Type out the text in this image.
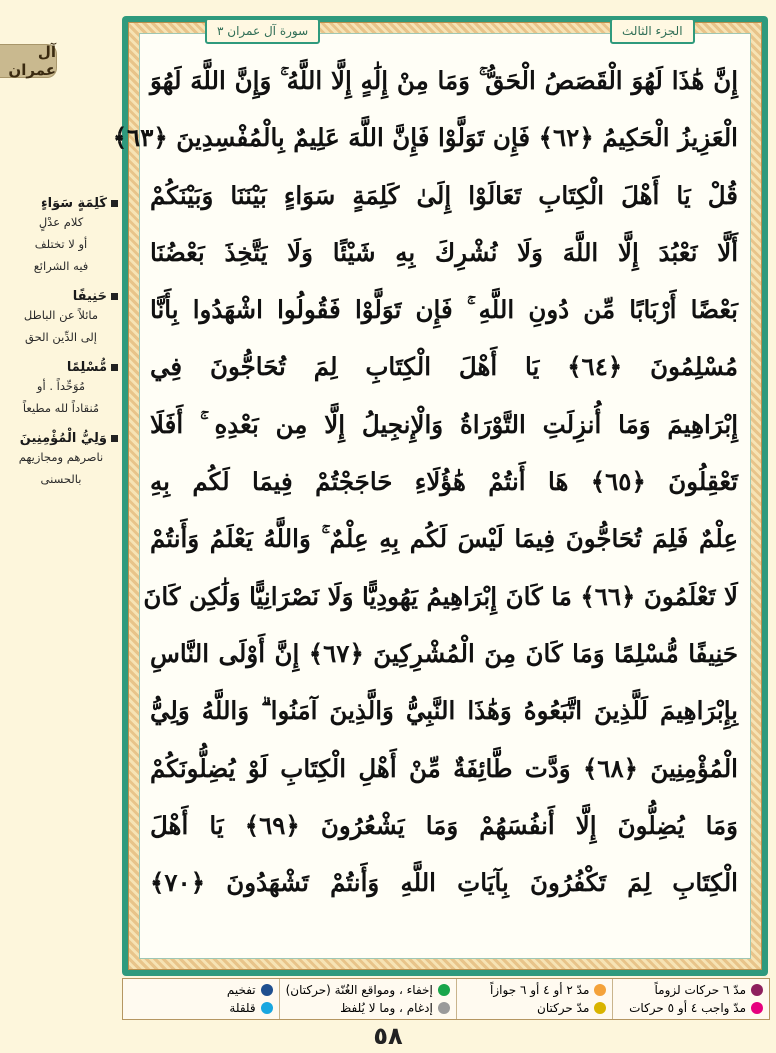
آل عمران
كَلِمَةٍ سَوَاءٍ
كلام عدْلٍ
أو لا تختلف
فيه الشرائع
حَنِيفًا
مائلاً عن الباطل
إلى الدِّين الحق
مُّسْلِمًا
مُوَحِّداً . أو
مُنقاداً لله مطيعاً
وَلِيُّ الْمُؤْمِنِينَ
ناصرهم ومجازيهم
بالحسنى
الجزء الثالث
سورة آل عمران ٣
إِنَّ هَٰذَا لَهُوَ الْقَصَصُ الْحَقُّ ۚ وَمَا مِنْ إِلَٰهٍ إِلَّا اللَّهُ ۚ وَإِنَّ اللَّهَ لَهُوَ
الْعَزِيزُ الْحَكِيمُ ﴿٦٢﴾ فَإِن تَوَلَّوْا فَإِنَّ اللَّهَ عَلِيمٌ بِالْمُفْسِدِينَ ﴿٦٣﴾
قُلْ يَا أَهْلَ الْكِتَابِ تَعَالَوْا إِلَىٰ كَلِمَةٍ سَوَاءٍ بَيْنَنَا وَبَيْنَكُمْ
أَلَّا نَعْبُدَ إِلَّا اللَّهَ وَلَا نُشْرِكَ بِهِ شَيْئًا وَلَا يَتَّخِذَ بَعْضُنَا
بَعْضًا أَرْبَابًا مِّن دُونِ اللَّهِ ۚ فَإِن تَوَلَّوْا فَقُولُوا اشْهَدُوا بِأَنَّا
مُسْلِمُونَ ﴿٦٤﴾ يَا أَهْلَ الْكِتَابِ لِمَ تُحَاجُّونَ فِي
إِبْرَاهِيمَ وَمَا أُنزِلَتِ التَّوْرَاةُ وَالْإِنجِيلُ إِلَّا مِن بَعْدِهِ ۚ أَفَلَا
تَعْقِلُونَ ﴿٦٥﴾ هَا أَنتُمْ هَٰؤُلَاءِ حَاجَجْتُمْ فِيمَا لَكُم بِهِ
عِلْمٌ فَلِمَ تُحَاجُّونَ فِيمَا لَيْسَ لَكُم بِهِ عِلْمٌ ۚ وَاللَّهُ يَعْلَمُ وَأَنتُمْ
لَا تَعْلَمُونَ ﴿٦٦﴾ مَا كَانَ إِبْرَاهِيمُ يَهُودِيًّا وَلَا نَصْرَانِيًّا وَلَٰكِن كَانَ
حَنِيفًا مُّسْلِمًا وَمَا كَانَ مِنَ الْمُشْرِكِينَ ﴿٦٧﴾ إِنَّ أَوْلَى النَّاسِ
بِإِبْرَاهِيمَ لَلَّذِينَ اتَّبَعُوهُ وَهَٰذَا النَّبِيُّ وَالَّذِينَ آمَنُوا ۗ وَاللَّهُ وَلِيُّ
الْمُؤْمِنِينَ ﴿٦٨﴾ وَدَّت طَّائِفَةٌ مِّنْ أَهْلِ الْكِتَابِ لَوْ يُضِلُّونَكُمْ
وَمَا يُضِلُّونَ إِلَّا أَنفُسَهُمْ وَمَا يَشْعُرُونَ ﴿٦٩﴾ يَا أَهْلَ
الْكِتَابِ لِمَ تَكْفُرُونَ بِآيَاتِ اللَّهِ وَأَنتُمْ تَشْهَدُونَ ﴿٧٠﴾
مدّ ٦ حركات لزوماً
مدّ واجب ٤ أو ٥ حركات
مدّ ٢ أو ٤ أو ٦ جوازاً
مدّ حركتان
إخفاء ، ومواقع الغُنّة (حركتان)
إدغام ، وما لا يُلفظ
تفخيم
قلقلة
٥٨
